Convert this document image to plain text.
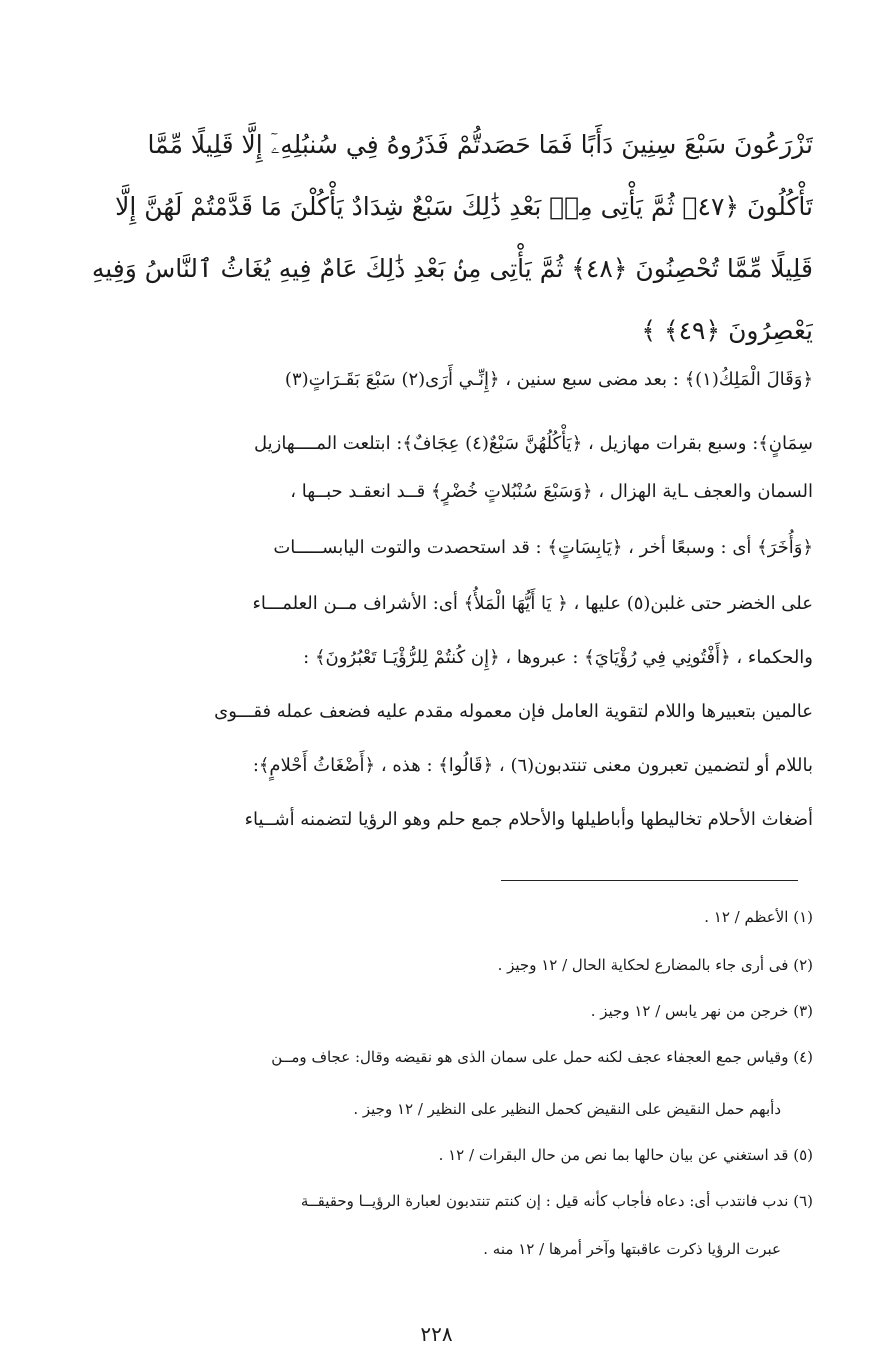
تَزْرَعُونَ سَبْعَ سِنِينَ دَأَبًا فَمَا حَصَدتُّمْ فَذَرُوهُ فِي سُنبُلِهِۦٓ إِلَّا قَلِيلًا مِّمَّا
تَأْكُلُونَ ﴿٤٧﴾ ثُمَّ يَأْتِى مِنۢ بَعْدِ ذَٰلِكَ سَبْعٌ شِدَادٌ يَأْكُلْنَ مَا قَدَّمْتُمْ لَهُنَّ إِلَّا
قَلِيلًا مِّمَّا تُحْصِنُونَ ﴿٤٨﴾ ثُمَّ يَأْتِى مِنۢ بَعْدِ ذَٰلِكَ عَامٌ فِيهِ يُغَاثُ ٱلنَّاسُ وَفِيهِ
يَعْصِرُونَ ﴿٤٩﴾ ﴾
﴿وَقَالَ الْمَلِكُ(١)﴾ : بعد مضى سبع سنين ، ﴿إِنِّـي أَرَى(٢) سَبْعَ بَقَـرَاتٍ(٣)
سِمَانٍ﴾: وسبع بقرات مهازيل ، ﴿يَأْكُلُهُنَّ سَبْعٌ(٤) عِجَافٌ﴾: ابتلعت المــــهازيل
السمان والعجف ـاية الهزال ، ﴿وَسَبْعَ سُنْبُلاتٍ خُضْرٍ﴾ قــد انعقـد حبــها ،
﴿وَأُخَرَ﴾ أى : وسبعًا أخر ، ﴿يَابِسَاتٍ﴾ : قد استحصدت والتوت اليابســـــات
على الخضر حتى غلبن(٥) عليها ، ﴿ يَا أَيُّهَا الْمَلأُ﴾ أى: الأشراف مــن العلمـــاء
والحكماء ، ﴿أَفْتُونِي فِي رُؤْيَايَ﴾ : عبروها ، ﴿إِن كُنتُمْ لِلرُّؤْيَـا تَعْبُرُونَ﴾ :
عالمين بتعبيرها واللام لتقوية العامل فإن معموله مقدم عليه فضعف عمله فقـــوى
باللام أو لتضمين تعبرون معنى تنتدبون(٦) ، ﴿قَالُوا﴾ : هذه ، ﴿أَضْغَاثُ أَحْلامٍ﴾:
أضغاث الأحلام تخاليطها وأباطيلها والأحلام جمع حلم وهو الرؤيا لتضمنه أشــياء
(١) الأعظم / ١٢ .
(٢) فى أرى جاء بالمضارع لحكاية الحال / ١٢ وجيز .
(٣) خرجن من نهر يابس / ١٢ وجيز .
(٤) وقياس جمع العجفاء عجف لكنه حمل على سمان الذى هو نقيضه وقال: عجاف ومــن
دأبهم حمل النقيض على النقيض كحمل النظير على النظير / ١٢ وجيز .
(٥) قد استغني عن بيان حالها بما نص من حال البقرات / ١٢ .
(٦) ندب فانتدب أى: دعاه فأجاب كأنه قيل : إن كنتم تنتدبون لعبارة الرؤيــا وحقيقــة
عبرت الرؤيا ذكرت عاقبتها وآخر أمرها / ١٢ منه .
٢٢٨
